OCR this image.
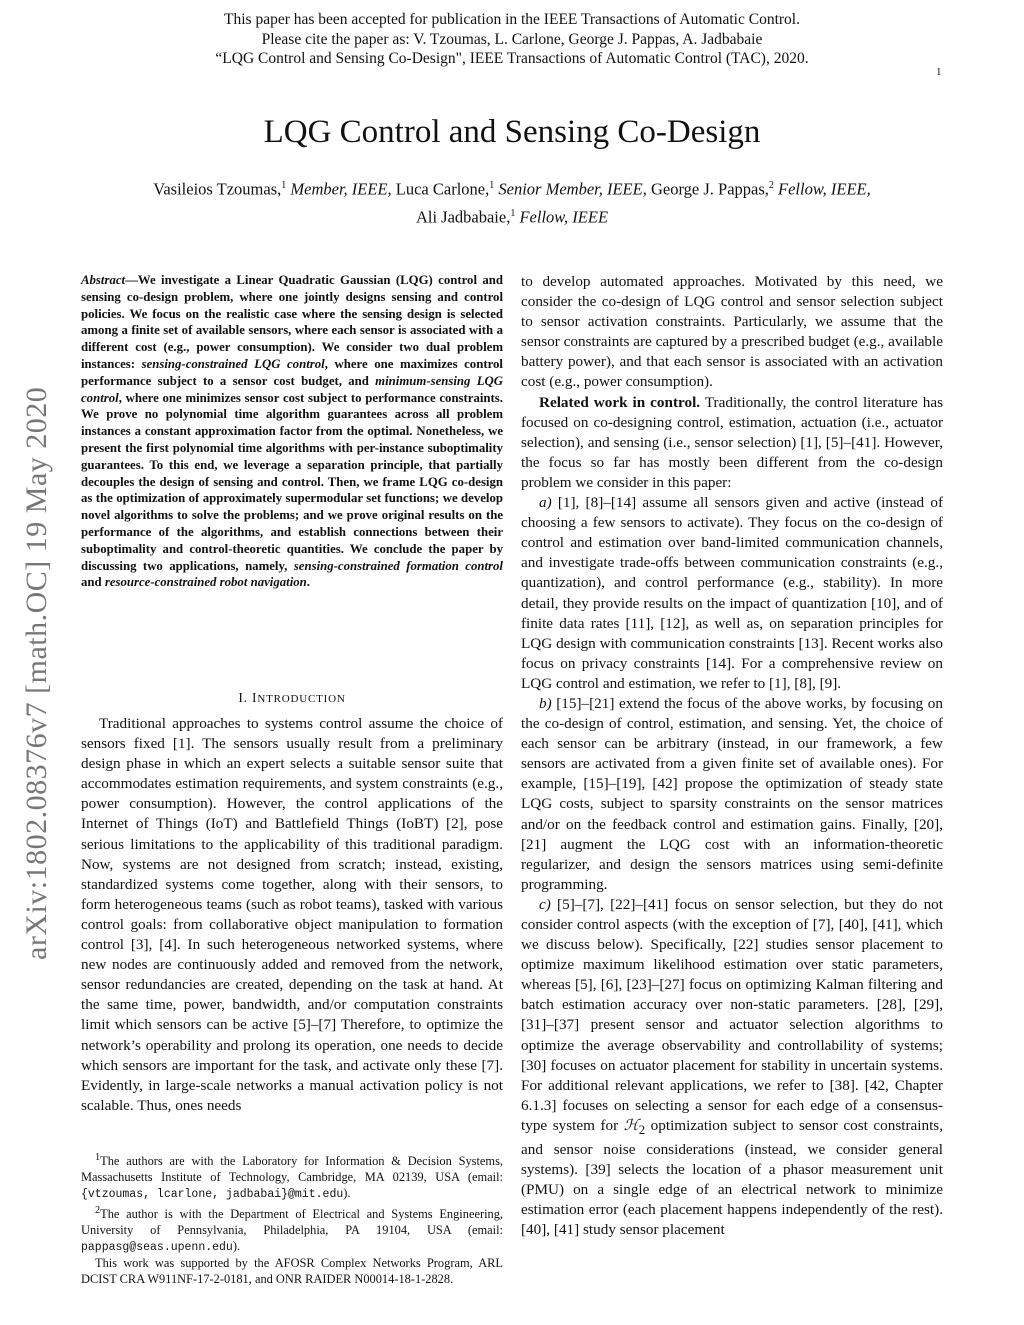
This paper has been accepted for publication in the IEEE Transactions of Automatic Control.
Please cite the paper as: V. Tzoumas, L. Carlone, George J. Pappas, A. Jadbabaie
“LQG Control and Sensing Co-Design", IEEE Transactions of Automatic Control (TAC), 2020.
1
LQG Control and Sensing Co-Design
Vasileios Tzoumas,$^1$ Member, IEEE, Luca Carlone,$^1$ Senior Member, IEEE, George J. Pappas,$^2$ Fellow, IEEE,
Ali Jadbabaie,$^1$ Fellow, IEEE
arXiv:1802.08376v7 [math.OC] 19 May 2020
Abstract—We investigate a Linear Quadratic Gaussian (LQG) control and sensing co-design problem, where one jointly designs sensing and control policies. We focus on the realistic case where the sensing design is selected among a finite set of available sensors, where each sensor is associated with a different cost (e.g., power consumption). We consider two dual problem instances: sensing-constrained LQG control, where one maximizes control performance subject to a sensor cost budget, and minimum-sensing LQG control, where one minimizes sensor cost subject to performance constraints. We prove no polynomial time algorithm guarantees across all problem instances a constant approximation factor from the optimal. Nonetheless, we present the first polynomial time algorithms with per-instance suboptimality guarantees. To this end, we leverage a separation principle, that partially decouples the design of sensing and control. Then, we frame LQG co-design as the optimization of approximately supermodular set functions; we develop novel algorithms to solve the problems; and we prove original results on the performance of the algorithms, and establish connections between their suboptimality and control-theoretic quantities. We conclude the paper by discussing two applications, namely, sensing-constrained formation control and resource-constrained robot navigation.
I. INTRODUCTION

Traditional approaches to systems control assume the choice of sensors fixed [1]. The sensors usually result from a preliminary design phase in which an expert selects a suitable sensor suite that accommodates estimation requirements, and system constraints (e.g., power consumption). However, the control applications of the Internet of Things (IoT) and Battlefield Things (IoBT) [2], pose serious limitations to the applicability of this traditional paradigm. Now, systems are not designed from scratch; instead, existing, standardized systems come together, along with their sensors, to form heterogeneous teams (such as robot teams), tasked with various control goals: from collaborative object manipulation to formation control [3], [4]. In such heterogeneous networked systems, where new nodes are continuously added and removed from the network, sensor redundancies are created, depending on the task at hand. At the same time, power, bandwidth, and/or computation constraints limit which sensors can be active [5]–[7] Therefore, to optimize the network’s operability and prolong its operation, one needs to decide which sensors are important for the task, and activate only these [7]. Evidently, in large-scale networks a manual activation policy is not scalable. Thus, ones needs

$^1$The authors are with the Laboratory for Information & Decision Systems, Massachusetts Institute of Technology, Cambridge, MA 02139, USA (email: {vtzoumas, lcarlone, jadbabai}@mit.edu).

$^2$The author is with the Department of Electrical and Systems Engineering, University of Pennsylvania, Philadelphia, PA 19104, USA (email: pappasg@seas.upenn.edu).

This work was supported by the AFOSR Complex Networks Program, ARL DCIST CRA W911NF-17-2-0181, and ONR RAIDER N00014-18-1-2828.

to develop automated approaches. Motivated by this need, we consider the co-design of LQG control and sensor selection subject to sensor activation constraints. Particularly, we assume that the sensor constraints are captured by a prescribed budget (e.g., available battery power), and that each sensor is associated with an activation cost (e.g., power consumption).

Related work in control. Traditionally, the control literature has focused on co-designing control, estimation, actuation (i.e., actuator selection), and sensing (i.e., sensor selection) [1], [5]–[41]. However, the focus so far has mostly been different from the co-design problem we consider in this paper:

a) [1], [8]–[14] assume all sensors given and active (instead of choosing a few sensors to activate). They focus on the co-design of control and estimation over band-limited communication channels, and investigate trade-offs between communication constraints (e.g., quantization), and control performance (e.g., stability). In more detail, they provide results on the impact of quantization [10], and of finite data rates [11], [12], as well as, on separation principles for LQG design with communication constraints [13]. Recent works also focus on privacy constraints [14]. For a comprehensive review on LQG control and estimation, we refer to [1], [8], [9].

b) [15]–[21] extend the focus of the above works, by focusing on the co-design of control, estimation, and sensing. Yet, the choice of each sensor can be arbitrary (instead, in our framework, a few sensors are activated from a given finite set of available ones). For example, [15]–[19], [42] propose the optimization of steady state LQG costs, subject to sparsity constraints on the sensor matrices and/or on the feedback control and estimation gains. Finally, [20], [21] augment the LQG cost with an information-theoretic regularizer, and design the sensors matrices using semi-definite programming.

c) [5]–[7], [22]–[41] focus on sensor selection, but they do not consider control aspects (with the exception of [7], [40], [41], which we discuss below). Specifically, [22] studies sensor placement to optimize maximum likelihood estimation over static parameters, whereas [5], [6], [23]–[27] focus on optimizing Kalman filtering and batch estimation accuracy over non-static parameters. [28], [29], [31]–[37] present sensor and actuator selection algorithms to optimize the average observability and controllability of systems; [30] focuses on actuator placement for stability in uncertain systems. For additional relevant applications, we refer to [38]. [42, Chapter 6.1.3] focuses on selecting a sensor for each edge of a consensus-type system for ℋ$_2$ optimization subject to sensor cost constraints, and sensor noise considerations (instead, we consider general systems). [39] selects the location of a phasor measurement unit (PMU) on a single edge of an electrical network to minimize estimation error (each placement happens independently of the rest). [40], [41] study sensor placement
